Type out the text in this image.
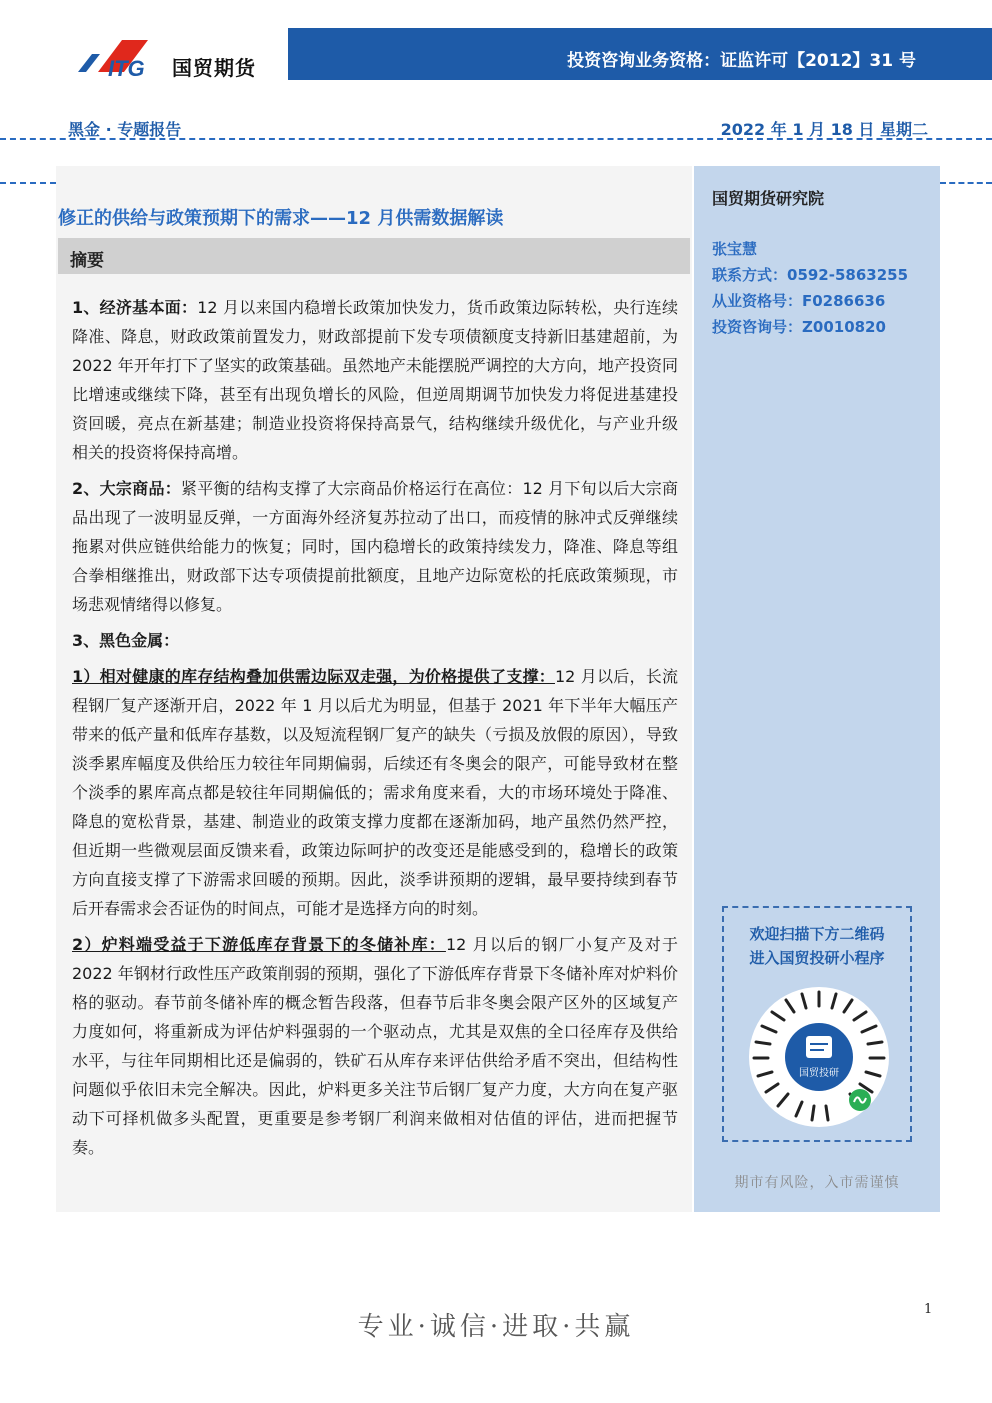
ITG 国贸期货	投资咨询业务资格：证监许可【2012】31 号
黑金 · 专题报告	2022 年 1 月 18 日 星期二
修正的供给与政策预期下的需求——12 月供需数据解读
摘要

1、经济基本面：12 月以来国内稳增长政策加快发力，货币政策边际转松，央行连续降准、降息，财政政策前置发力，财政部提前下发专项债额度支持新旧基建超前，为 2022 年开年打下了坚实的政策基础。虽然地产未能摆脱严调控的大方向，地产投资同比增速或继续下降，甚至有出现负增长的风险，但逆周期调节加快发力将促进基建投资回暖，亮点在新基建；制造业投资将保持高景气，结构继续升级优化，与产业升级相关的投资将保持高增。

2、大宗商品：紧平衡的结构支撑了大宗商品价格运行在高位：12 月下旬以后大宗商品出现了一波明显反弹，一方面海外经济复苏拉动了出口，而疫情的脉冲式反弹继续拖累对供应链供给能力的恢复；同时，国内稳增长的政策持续发力，降准、降息等组合拳相继推出，财政部下达专项债提前批额度，且地产边际宽松的托底政策频现，市场悲观情绪得以修复。

3、黑色金属：

1）相对健康的库存结构叠加供需边际双走强，为价格提供了支撑：12 月以后，长流程钢厂复产逐渐开启，2022 年 1 月以后尤为明显，但基于 2021 年下半年大幅压产带来的低产量和低库存基数，以及短流程钢厂复产的缺失（亏损及放假的原因），导致淡季累库幅度及供给压力较往年同期偏弱，后续还有冬奥会的限产，可能导致材在整个淡季的累库高点都是较往年同期偏低的；需求角度来看，大的市场环境处于降准、降息的宽松背景，基建、制造业的政策支撑力度都在逐渐加码，地产虽然仍然严控，但近期一些微观层面反馈来看，政策边际呵护的改变还是能感受到的，稳增长的政策方向直接支撑了下游需求回暖的预期。因此，淡季讲预期的逻辑，最早要持续到春节后开春需求会否证伪的时间点，可能才是选择方向的时刻。

2）炉料端受益于下游低库存背景下的冬储补库：12 月以后的钢厂小复产及对于 2022 年钢材行政性压产政策削弱的预期，强化了下游低库存背景下冬储补库对炉料价格的驱动。春节前冬储补库的概念暂告段落，但春节后非冬奥会限产区外的区域复产力度如何，将重新成为评估炉料强弱的一个驱动点，尤其是双焦的全口径库存及供给水平，与往年同期相比还是偏弱的，铁矿石从库存来评估供给矛盾不突出，但结构性问题似乎依旧未完全解决。因此，炉料更多关注节后钢厂复产力度，大方向在复产驱动下可择机做多头配置，更重要是参考钢厂利润来做相对估值的评估，进而把握节奏。

国贸期货研究院
张宝慧
联系方式：0592-5863255
从业资格号：F0286636
投资咨询号：Z0010820
欢迎扫描下方二维码
进入国贸投研小程序
国贸投研
期市有风险，入市需谨慎
专业·诚信·进取·共赢
1
